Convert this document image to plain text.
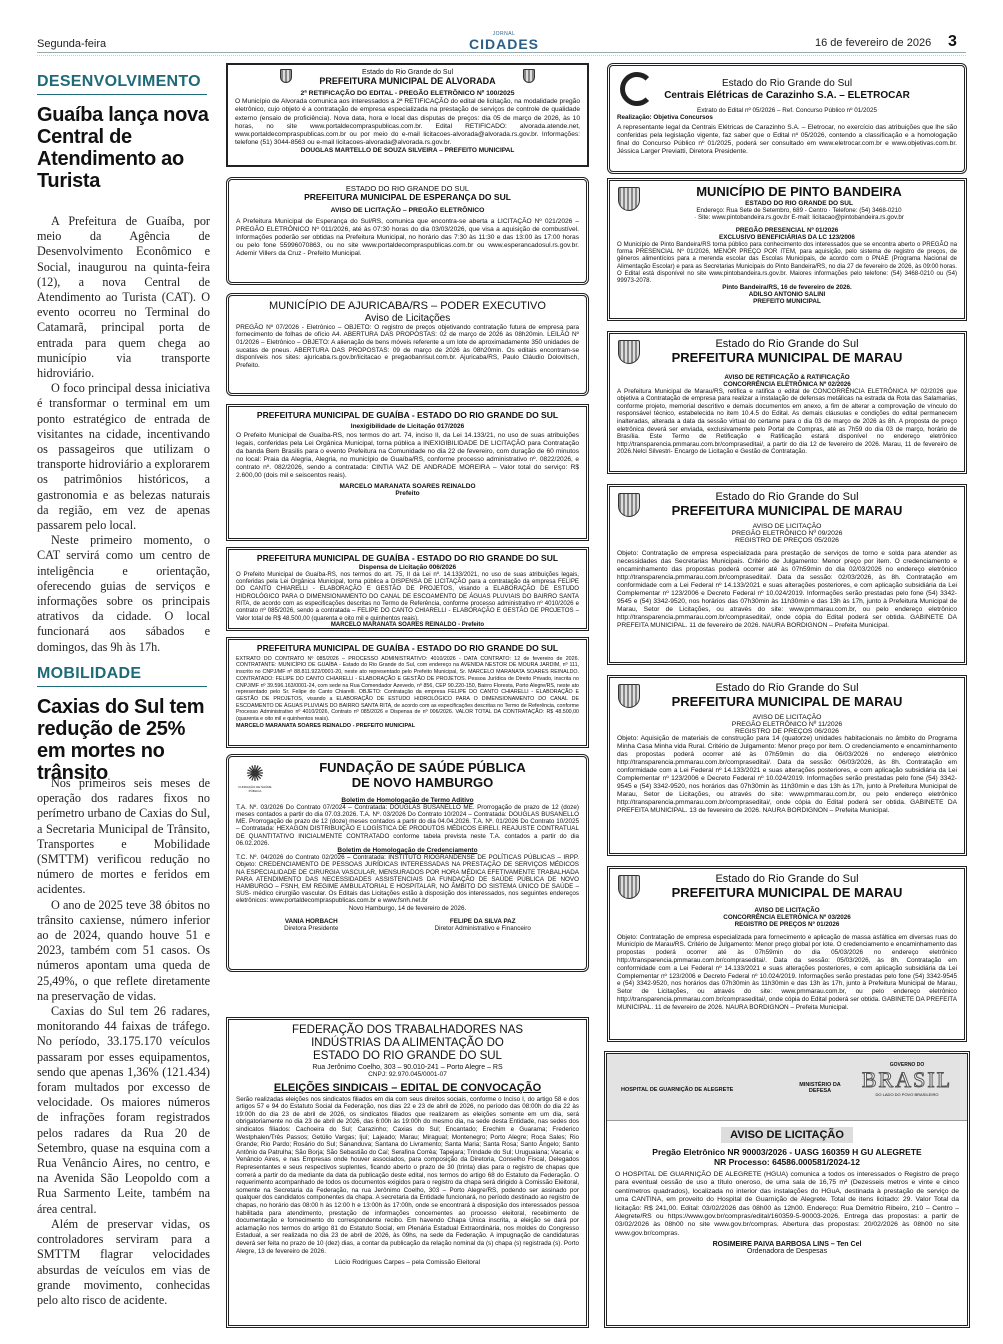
Segunda-feira
JORNAL
CIDADES	16 de fevereiro de 2026 3
DESENVOLVIMENTO
Guaíba lança nova Central de Atendimento ao Turista

A Prefeitura de Guaíba, por meio da Agência de Desenvolvimento Econômico e Social, inaugurou na quinta-feira (12), a nova Central de Atendimento ao Turista (CAT). O evento ocorreu no Terminal do Catamarã, principal porta de entrada para quem chega ao município via transporte hidroviário.

O foco principal dessa iniciativa é transformar o terminal em um ponto estratégico de entrada de visitantes na cidade, incentivando os passageiros que utilizam o transporte hidroviário a explorarem os patrimônios históricos, a gastronomia e as belezas naturais da região, em vez de apenas passarem pelo local.

Neste primeiro momento, o CAT servirá como um centro de inteligência e orientação, oferecendo guias de serviços e informações sobre os principais atrativos da cidade. O local funcionará aos sábados e domingos, das 9h às 17h.

MOBILIDADE
Caxias do Sul tem redução de 25% em mortes no trânsito

Nos primeiros seis meses de operação dos radares fixos no perímetro urbano de Caxias do Sul, a Secretaria Municipal de Trânsito, Transportes e Mobilidade (SMTTM) verificou redução no número de mortes e feridos em acidentes.

O ano de 2025 teve 38 óbitos no trânsito caxiense, número inferior ao de 2024, quando houve 51 e 2023, também com 51 casos. Os números apontam uma queda de 25,49%, o que reflete diretamente na preservação de vidas.

Caxias do Sul tem 26 radares, monitorando 44 faixas de tráfego. No período, 33.175.170 veículos passaram por esses equipamentos, sendo que apenas 1,36% (121.434) foram multados por excesso de velocidade. Os maiores números de infrações foram registrados pelos radares da Rua 20 de Setembro, quase na esquina com a Rua Venâncio Aires, no centro, e na Avenida São Leopoldo com a Rua Sarmento Leite, também na área central.

Além de preservar vidas, os controladores serviram para a SMTTM flagrar velocidades absurdas de veículos em vias de grande movimento, conhecidas pelo alto risco de acidente.

Estado do Rio Grande do Sul
PREFEITURA MUNICIPAL DE ALVORADA
2ª RETIFICAÇÃO DO EDITAL - PREGÃO ELETRÔNICO Nº 100/2025
O Município de Alvorada comunica aos interessados a 2ª RETIFICAÇÃO do edital de licitação, na modalidade pregão eletrônico, cujo objeto é a contratação de empresa especializada na prestação de serviços de controle de qualidade externo (ensaio de proficiência). Nova data, hora e local das disputas de preços: dia 05 de março de 2026, às 10 horas, no site www.portaldecompraspublicas.com.br. Edital RETIFICADO: alvorada.atende.net, www.portaldecompraspublicas.com.br ou por meio do e-mail licitacoes-alvorada@alvorada.rs.gov.br. Informações: telefone (51) 3044-8563 ou e-mail licitacoes-alvorada@alvorada.rs.gov.br.
DOUGLAS MARTELLO DE SOUZA SILVEIRA – PREFEITO MUNICIPAL
ESTADO DO RIO GRANDE DO SUL
PREFEITURA MUNICIPAL DE ESPERANÇA DO SUL
AVISO DE LICITAÇÃO – PREGÃO ELETRÔNICO
A Prefeitura Municipal de Esperança do Sul/RS, comunica que encontra-se aberta a LICITAÇÃO Nº 021/2026 – PREGÃO ELETRÔNICO Nº 011/2026, até às 07:30 horas do dia 03/03/2026, que visa a aquisição de combustível. Informações poderão ser obtidas na Prefeitura Municipal, no horário das 7:30 às 11:30 e das 13:00 às 17:00 horas ou pelo fone 55996070863, ou no site www.portaldecompraspublicas.com.br ou www.esperancadosul.rs.gov.br. Ademir Villers da Cruz - Prefeito Municipal.
MUNICÍPIO DE AJURICABA/RS – PODER EXECUTIVO
Aviso de Licitações
PREGÃO Nº 07/2026 - Eletrônico – OBJETO: O registro de preços objetivando contratação futura de empresa para fornecimento de folhas de ofício A4. ABERTURA DAS PROPOSTAS: 02 de março de 2026 às 08h20min. LEILÃO Nº 01/2026 – Eletrônico – OBJETO: A alienação de bens móveis referente a um lote de aproximadamente 350 unidades de sucatas de pneus. ABERTURA DAS PROPOSTAS: 09 de março de 2026 às 08h20min. Os editais encontram-se disponíveis nos sites: ajuricaba.rs.gov.br/licitacao e pregaobanrisul.com.br. Ajuricaba/RS, Paulo Cláudio Dolovitsch, Prefeito.
PREFEITURA MUNICIPAL DE GUAÍBA - ESTADO DO RIO GRANDE DO SUL
Inexigibilidade de Licitação 017/2026
O Prefeito Municipal de Guaíba-RS, nos termos do art. 74, inciso II, da Lei 14.133/21, no uso de suas atribuições legais, conferidas pela Lei Orgânica Municipal, torna pública a INEXIGIBILIDADE DE LICITAÇÃO para Contratação da banda Bem Brasilis para o evento Prefeitura na Comunidade no dia 22 de fevereiro, com duração de 60 minutos no local: Praia da Alegria, Alegria, no município de Guaíba/RS, conforme processo administrativo nº. 0822/2026, e contrato nº. 082/2026, sendo a contratada: CINTIA VAZ DE ANDRADE MOREIRA – Valor total do serviço: R$ 2.600,00 (dois mil e seiscentos reais).
MARCELO MARANATA SOARES REINALDO
Prefeito
PREFEITURA MUNICIPAL DE GUAÍBA - ESTADO DO RIO GRANDE DO SUL
Dispensa de Licitação 006/2026
O Prefeito Municipal de Guaíba-RS, nos termos do art. 75, II da Lei nº. 14.133/2021, no uso de suas atribuições legais, conferidas pela Lei Orgânica Municipal, torna pública a DISPENSA DE LICITAÇÃO para a contratação da empresa FELIPE DO CANTO CHIARELLI - ELABORAÇÃO E GESTÃO DE PROJETOS, visando a ELABORAÇÃO DE ESTUDO HIDROLÓGICO PARA O DIMENSIONAMENTO DO CANAL DE ESCOAMENTO DE ÁGUAS PLUVIAIS DO BAIRRO SANTA RITA, de acordo com as especificações descritas no Termo de Referência, conforme processo administrativo nº 4010/2026 e contrato nº 085/2026, sendo a contratada – FELIPE DO CANTO CHIARELLI - ELABORAÇÃO E GESTÃO DE PROJETOS – Valor total de R$ 48.500,00 (quarenta e oito mil e quinhentos reais).
MARCELO MARANATA SOARES REINALDO - Prefeito
PREFEITURA MUNICIPAL DE GUAÍBA - ESTADO DO RIO GRANDE DO SUL
EXTRATO DO CONTRATO Nº 085/2026 – PROCESSO ADMINISTRATIVO: 4010/2026 - DATA CONTRATO: 12 de fevereiro de 2026. CONTRATANTE: MUNICÍPIO DE GUAÍBA - Estado do Rio Grande do Sul, com endereço na AVENIDA NESTOR DE MOURA JARDIM, nº 111, inscrito no CNPJ/MF nº 88.811.922/0001-20, neste ato representado pelo Prefeito Municipal, Sr. MARCELO MARANATA SOARES REINALDO. CONTRATADO: FELIPE DO CANTO CHIARELLI - ELABORAÇÃO E GESTÃO DE PROJETOS. Pessoa Jurídica de Direito Privado, inscrita no CNPJ/MF nº 39.596.163/0001-24, com sede na Rua Comendador Azevedo, nº 856, CEP 90.220-150, Bairro Floresta, Porto Alegre/RS, neste ato representado pelo Sr. Felipe do Canto Chiarelli. OBJETO: Contratação da empresa FELIPE DO CANTO CHIARELLI - ELABORAÇÃO E GESTÃO DE PROJETOS, visando a ELABORAÇÃO DE ESTUDO HIDROLÓGICO PARA O DIMENSIONAMENTO DO CANAL DE ESCOAMENTO DE ÁGUAS PLUVIAIS DO BAIRRO SANTA RITA, de acordo com as especificações descritas no Termo de Referência, conforme Processo Administrativo nº 4010/2026, Contrato nº 085/2026 e Dispensa de nº 006/2026. VALOR TOTAL DA CONTRATAÇÃO: R$ 48.500,00 (quarenta e oito mil e quinhentos reais).
MARCELO MARANATA SOARES REINALDO - PREFEITO MUNICIPAL
✺
FUNDAÇÃO DE SAÚDE PÚBLICA
FUNDAÇÃO DE SAÚDE PÚBLICA
DE NOVO HAMBURGO
Boletim de Homologação de Termo Aditivo
T.A. Nº. 03/2026 Do Contrato 07/2024 – Contratada: DOUGLAS BUSANELLO ME. Prorrogação de prazo de 12 (doze) meses contados a partir do dia 07.03.2026. T.A. Nº. 03/2026 Do Contrato 10/2024 – Contratada: DOUGLAS BUSANELLO ME. Prorrogação de prazo de 12 (doze) meses contados a partir do dia 04.04.2026. T.A. Nº. 01/2026 Do Contrato 10/2025 – Contratada: HEXAGON DISTRIBUIÇÃO E LOGÍSTICA DE PRODUTOS MÉDICOS EIRELI. REAJUSTE CONTRATUAL DE QUANTITATIVO INICIALMENTE CONTRATADO conforme tabela prevista neste T.A. contados a partir do dia 06.02.2026.
Boletim de Homologação de Credenciamento
T.C. Nº. 04/2026 do Contrato 02/2026 – Contratada: INSTITUTO RIOGRANDENSE DE POLÍTICAS PÚBLICAS – IRPP. Objeto: CREDENCIAMENTO DE PESSOAS JURÍDICAS INTERESSADAS NA PRESTAÇÃO DE SERVIÇOS MÉDICOS NA ESPECIALIDADE DE CIRURGIA VASCULAR, MENSURADOS POR HORA MÉDICA EFETIVAMENTE TRABALHADA PARA ATENDIMENTO DAS NECESSIDADES ASSISTENCIAIS DA FUNDAÇÃO DE SAÚDE PÚBLICA DE NOVO HAMBURGO – FSNH, EM REGIME AMBULATORIAL E HOSPITALAR, NO ÂMBITO DO SISTEMA ÚNICO DE SAÚDE – SUS- médico cirurgião vascular. Os Editais das Licitações estão à disposição dos interessados, nos seguintes endereços eletrônicos: www.portaldecompraspublicas.com.br e www.fsnh.net.br
Novo Hamburgo, 14 de fevereiro de 2026.
VANIA HORBACH
Diretora Presidente
FELIPE DA SILVA PAZ
Diretor Administrativo e Financeiro
FEDERAÇÃO DOS TRABALHADORES NAS
INDÚSTRIAS DA ALIMENTAÇÃO DO
ESTADO DO RIO GRANDE DO SUL
Rua Jerônimo Coelho, 303 – 90.010-241 – Porto Alegre – RS
CNPJ: 92.970.045/0001-07
ELEIÇÕES SINDICAIS – EDITAL DE CONVOCAÇÃO
Serão realizadas eleições nos sindicatos filiados em dia com seus direitos sociais, conforme o Inciso I, do artigo 58 e dos artigos 57 e 94 do Estatuto Social da Federação, nos dias 22 e 23 de abril de 2026, no período das 08:00h do dia 22 às 19:00h do dia 23 de abril de 2026, os sindicatos filiados que realizarem as eleições somente em um dia, será obrigatoriamente no dia 23 de abril de 2026, das 6:00h às 19:00h do mesmo dia, na sede desta Entidade, nas sedes dos sindicatos filiados: Cachoeira do Sul; Carazinho; Caxias do Sul; Encantado; Erechim e Guarama; Frederico Westphalen/Três Passos; Getúlio Vargas; Ijuí; Lajeado; Marau; Miraguaí; Montenegro; Porto Alegre; Roca Sales; Rio Grande; Rio Pardo; Rosário do Sul; Sananduva; Santana do Livramento; Santa Maria; Santa Rosa; Santo Ângelo; Santo Antônio da Patrulha; São Borja; São Sebastião do Caí; Serafina Corrêa; Tapejara; Trindade do Sul; Uruguaiana; Vacaria; e Venâncio Aires, e nas Empresas onde houver associados, para composição da Diretoria, Conselho Fiscal, Delegados Representantes e seus respectivos suplentes, ficando aberto o prazo de 30 (trinta) dias para o registro de chapas que correrá a partir do da mediante da data da publicação deste edital, nos termos do artigo 68 do Estatuto da Federação. O requerimento acompanhado de todos os documentos exigidos para o registro da chapa será dirigido à Comissão Eleitoral, somente na Secretaria da Federação, na rua Jerônimo Coelho, 303 – Porto Alegre/RS, podendo ser assinado por qualquer dos candidatos componentes da chapa. A secretaria da Entidade funcionará, no período destinado ao registro de chapas, no horário das 08:00 h às 12:00 h e 13:00h às 17:00h, onde se encontrará à disposição dos interessados pessoa habilitada para atendimento, prestação de informações concernentes ao processo eleitoral, recebimento de documentação e fornecimento do correspondente recibo. Em havendo Chapa Única inscrita, a eleição se dará por aclamação nos termos do artigo 81 do Estatuto Social, em Plenária Estadual Extraordinária, nos moldes do Congresso Estadual, a ser realizada no dia 23 de abril de 2026, às 09hs, na sede da Federação. A impugnação de candidaturas deverá ser feita no prazo de 10 (dez) dias, a contar da publicação da relação nominal da (s) chapa (s) registrada (s). Porto Alegre, 13 de fevereiro de 2026.
Lúcio Rodrigues Carpes – pela Comissão Eleitoral
Estado do Rio Grande do Sul
Centrais Elétricas de Carazinho S.A. – ELETROCAR
Extrato do Edital nº 05/2026 – Ref. Concurso Público nº 01/2025
Realização: Objetiva Concursos
A representante legal da Centrais Elétricas de Carazinho S.A. – Eletrocar, no exercício das atribuições que lhe são conferidas pela legislação vigente, faz saber que o Edital nº 05/2026, contendo a classificação e a homologação final do Concurso Público nº 01/2025, poderá ser consultado em www.eletrocar.com.br e www.objetivas.com.br. Jéssica Larger Previatti, Diretora Presidente.
MUNICÍPIO DE PINTO BANDEIRA
ESTADO DO RIO GRANDE DO SUL
Endereço: Rua Sete de Setembro, 689 - Centro · Telefone: (54) 3468-0210
· Site: www.pintobandeira.rs.gov.br E-mail: licitacao@pintobandeira.rs.gov.br
PREGÃO PRESENCIAL Nº 01/2026
EXCLUSIVO BENEFICIÁRIAS DA LC 123/2006
O Município de Pinto Bandeira/RS torna público para conhecimento dos interessados que se encontra aberto o PREGÃO na forma PRESENCIAL Nº 01/2026, MENOR PREÇO POR ITEM, para aquisição, pelo sistema de registro de preços, de gêneros alimentícios para a merenda escolar das Escolas Municipais, de acordo com o PNAE (Programa Nacional de Alimentação Escolar) e para as Secretarias Municipais do Pinto Bandeira/RS, no dia 27 de fevereiro de 2026, às 09:00 horas. O Edital está disponível no site www.pintobandeira.rs.gov.br. Maiores informações pelo telefone: (54) 3468-0210 ou (54) 99973-2078.
Pinto Bandeira/RS, 16 de fevereiro de 2026.
ADILSO ANTONIO SALINI
PREFEITO MUNICIPAL
Estado do Rio Grande do Sul
PREFEITURA MUNICIPAL DE MARAU
AVISO DE RETIFICAÇÃO & RATIFICAÇÃO
CONCORRÊNCIA ELETRÔNICA Nº 02/2026
A Prefeitura Municipal de Marau/RS, retifica e ratifica o edital de CONCORRÊNCIA ELETRÔNICA Nº 02/2026 que objetiva a Contratação de empresa para realizar a instalação de defensas metálicas na estrada da Rota das Salamarias, conforme projeto, memorial descritivo e demais documentos em anexo, a fim de alterar a comprovação de vínculo do responsável técnico, estabelecida no item 10.4.5 do Edital. As demais cláusulas e condições do edital permanecem inalteradas, alterada a data da sessão virtual do certame para o dia 03 de março de 2026 às 8h. A proposta de preço eletrônica deverá ser enviada, exclusivamente pelo Portal de Compras, até as 7h59 do dia 03 de março, horário de Brasília. Este Termo de Retificação e Ratificação estará disponível no endereço eletrônico http://transparencia.pmmarau.com.br/compraseditai/, a partir do dia 12 de fevereiro de 2026. Marau, 11 de fevereiro de 2026.Nelci Silvestri- Encargo de Licitação e Gestão de Contratação.
Estado do Rio Grande do Sul
PREFEITURA MUNICIPAL DE MARAU
AVISO DE LICITAÇÃO
PREGÃO ELETRÔNICO Nº 09/2026
REGISTRO DE PREÇOS 05/2026
Objeto: Contratação de empresa especializada para prestação de serviços de torno e solda para atender as necessidades das Secretarias Municipais. Critério de Julgamento: Menor preço por item. O credenciamento e encaminhamento das propostas poderá ocorrer até às 07h59min do dia 02/03/2026 no endereço eletrônico http://transparencia.pmmarau.com.br/compraseditai/. Data da sessão: 02/03/2026, às 8h. Contratação em conformidade com a Lei Federal nº 14.133/2021 e suas alterações posteriores, e com aplicação subsidiária da Lei Complementar nº 123/2006 e Decreto Federal nº 10.024/2019. Informações serão prestadas pelo fone (54) 3342-9545 e (54) 3342-9520, nos horários das 07h30min às 11h30min e das 13h às 17h, junto à Prefeitura Municipal de Marau, Setor de Licitações, ou através do site: www.pmmarau.com.br, ou pelo endereço eletrônico http://transparencia.pmmarau.com.br/compraseditai/, onde cópia do Edital poderá ser obtida. GABINETE DA PREFEITA MUNICIPAL. 11 de fevereiro de 2026. NAURA BORDIGNON – Prefeita Municipal.
Estado do Rio Grande do Sul
PREFEITURA MUNICIPAL DE MARAU
AVISO DE LICITAÇÃO
PREGÃO ELETRÔNICO Nº 11/2026
REGISTRO DE PREÇOS 06/2026
Objeto: Aquisição de materiais de construção para 14 (quatorze) unidades habitacionais no âmbito do Programa Minha Casa Minha vida Rural. Critério de Julgamento: Menor preço por item. O credenciamento e encaminhamento das propostas poderá ocorrer até às 07h59min do dia 06/03/2026 no endereço eletrônico http://transparencia.pmmarau.com.br/compraseditai/. Data da sessão: 06/03/2026, às 8h. Contratação em conformidade com a Lei Federal nº 14.133/2021 e suas alterações posteriores, e com aplicação subsidiária da Lei Complementar nº 123/2006 e Decreto Federal nº 10.024/2019. Informações serão prestadas pelo fone (54) 3342-9545 e (54) 3342-9520, nos horários das 07h30min às 11h30min e das 13h às 17h, junto à Prefeitura Municipal de Marau, Setor de Licitações, ou através do site: www.pmmarau.com.br, ou pelo endereço eletrônico http://transparencia.pmmarau.com.br/compraseditai/, onde cópia do Edital poderá ser obtida. GABINETE DA PREFEITA MUNICIPAL. 13 de fevereiro de 2026. NAURA BORDIGNON – Prefeita Municipal.
Estado do Rio Grande do Sul
PREFEITURA MUNICIPAL DE MARAU
AVISO DE LICITAÇÃO
CONCORRÊNCIA ELETRÔNICA Nº 03/2026
REGISTRO DE PREÇOS Nº 01/2026
Objeto: Contratação de empresa especializada para fornecimento e aplicação de massa asfáltica em diversas ruas do Município de Marau/RS. Critério de Julgamento: Menor preço global por lote. O credenciamento e encaminhamento das propostas poderá ocorrer até às 07h59min do dia 05/03/2026 no endereço eletrônico http://transparencia.pmmarau.com.br/compraseditai/. Data da sessão: 05/03/2026, às 8h. Contratação em conformidade com a Lei Federal nº 14.133/2021 e suas alterações posteriores, e com aplicação subsidiária da Lei Complementar nº 123/2006 e Decreto Federal nº 10.024/2019. Informações serão prestadas pelo fone (54) 3342-9545 e (54) 3342-9520, nos horários das 07h30min às 11h30min e das 13h às 17h, junto à Prefeitura Municipal de Marau, Setor de Licitações, ou através do site: www.pmmarau.com.br, ou pelo endereço eletrônico http://transparencia.pmmarau.com.br/compraseditai/, onde cópia do Edital poderá ser obtida. GABINETE DA PREFEITA MUNICIPAL. 11 de fevereiro de 2026. NAURA BORDIGNON – Prefeita Municipal.
HOSPITAL DE GUARNIÇÃO DE ALEGRETE
MINISTÉRIO DA DEFESA
GOVERNO DO
BRASIL
DO LADO DO POVO BRASILEIRO
AVISO DE LICITAÇÃO
Pregão Eletrônico NR 90003/2026 - UASG 160359 H GU ALEGRETE
NR Processo: 64586.000581/2024-12
O HOSPITAL DE GUARNIÇÃO DE ALEGRETE (HGUA) comunica a todos os interessados o Registro de preço para eventual cessão de uso a título oneroso, de uma sala de 16,75 m² (Dezesseis metros e vinte e cinco centímetros quadrados), localizada no interior das instalações do HGuA, destinada à prestação de serviço de uma CANTINA, em proveito do Hospital de Guarnição de Alegrete. Total de itens licitado: 29. Valor Total da licitação: R$ 241,00. Edital: 03/02/2026 das 08h00 às 12h00. Endereço: Rua Demétrio Ribeiro, 210 – Centro – Alegrete/RS ou https://www.gov.br/compras/edital/160359-5-90003-2026. Entrega das propostas: a partir de 03/02/2026 às 08h00 no site www.gov.br/compras. Abertura das propostas: 20/02/2026 às 08h00 no site www.gov.br/compras.
ROSIMEIRE PAIVA BARBOSA LINS – Ten Cel
Ordenadora de Despesas
